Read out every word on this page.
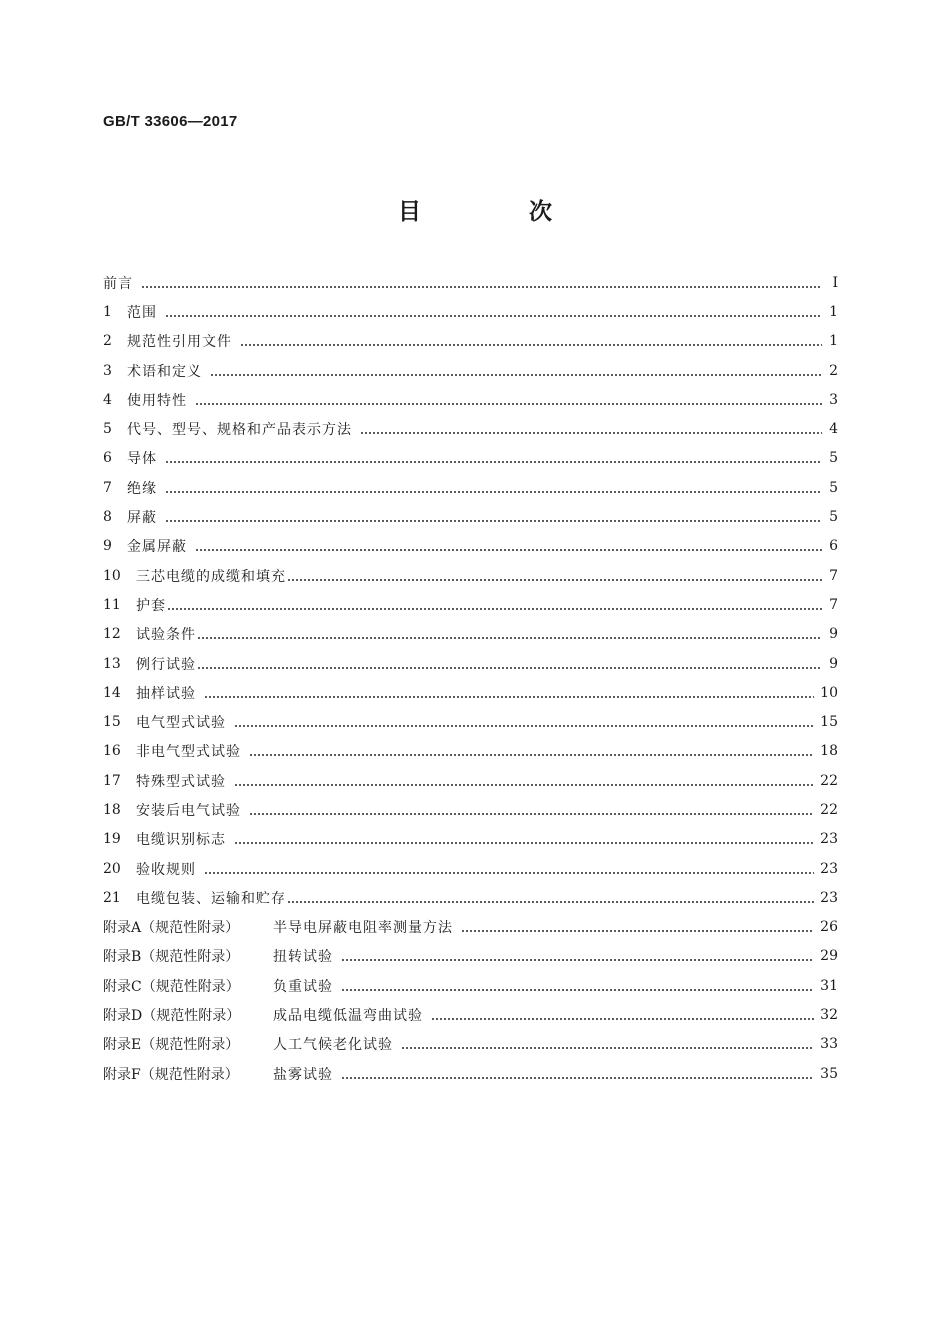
GB/T 33606—2017
目 次
前言	Ⅰ
1	范围	1
2	规范性引用文件	1
3	术语和定义	2
4	使用特性	3
5	代号、型号、规格和产品表示方法	4
6	导体	5
7	绝缘	5
8	屏蔽	5
9	金属屏蔽	6
10	三芯电缆的成缆和填充	7
11	护套	7
12	试验条件	9
13	例行试验	9
14	抽样试验	10
15	电气型式试验	15
16	非电气型式试验	18
17	特殊型式试验	22
18	安装后电气试验	22
19	电缆识别标志	23
20	验收规则	23
21	电缆包装、运输和贮存	23
附录A（规范性附录）	半导电屏蔽电阻率测量方法	26
附录B（规范性附录）	扭转试验	29
附录C（规范性附录）	负重试验	31
附录D（规范性附录）	成品电缆低温弯曲试验	32
附录E（规范性附录）	人工气候老化试验	33
附录F（规范性附录）	盐雾试验	35
